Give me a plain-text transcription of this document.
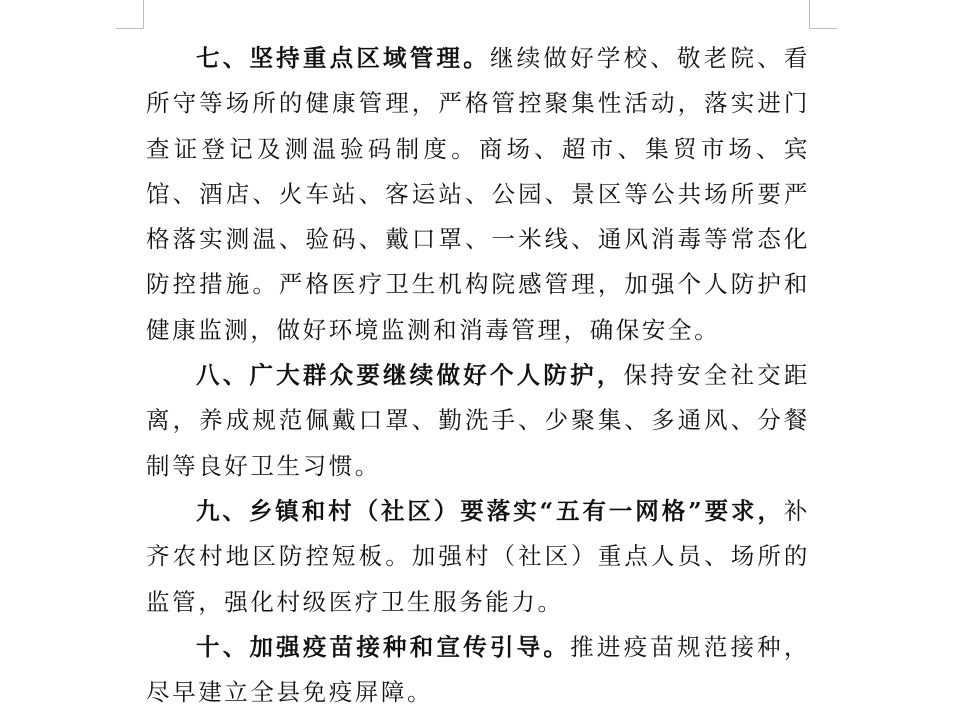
七、坚持重点区域管理。继续做好学校、敬老院、看所守等场所的健康管理，严格管控聚集性活动，落实进门查证登记及测温验码制度。商场、超市、集贸市场、宾馆、酒店、火车站、客运站、公园、景区等公共场所要严格落实测温、验码、戴口罩、一米线、通风消毒等常态化防控措施。严格医疗卫生机构院感管理，加强个人防护和健康监测，做好环境监测和消毒管理，确保安全。

八、广大群众要继续做好个人防护，保持安全社交距离，养成规范佩戴口罩、勤洗手、少聚集、多通风、分餐制等良好卫生习惯。

九、乡镇和村（社区）要落实“五有一网格”要求，补齐农村地区防控短板。加强村（社区）重点人员、场所的监管，强化村级医疗卫生服务能力。

十、加强疫苗接种和宣传引导。推进疫苗规范接种，尽早建立全县免疫屏障。
